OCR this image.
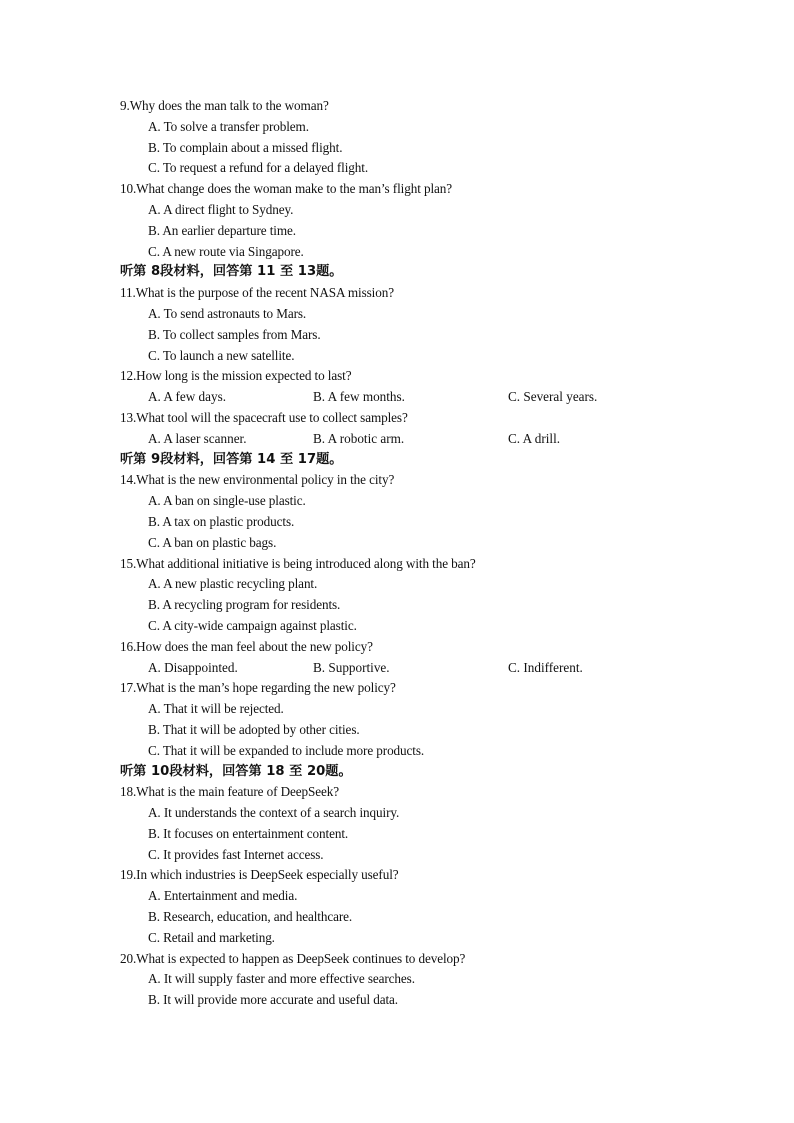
9.Why does the man talk to the woman?
A. To solve a transfer problem.
B. To complain about a missed flight.
C. To request a refund for a delayed flight.
10.What change does the woman make to the man’s flight plan?
A. A direct flight to Sydney.
B. An earlier departure time.
C. A new route via Singapore.
听第 8段材料，回答第 11 至 13题。
11.What is the purpose of the recent NASA mission?
A. To send astronauts to Mars.
B. To collect samples from Mars.
C. To launch a new satellite.
12.How long is the mission expected to last?
A. A few days.	B. A few months.	C. Several years.
13.What tool will the spacecraft use to collect samples?
A. A laser scanner.	B. A robotic arm.	C. A drill.
听第 9段材料，回答第 14 至 17题。
14.What is the new environmental policy in the city?
A. A ban on single-use plastic.
B. A tax on plastic products.
C. A ban on plastic bags.
15.What additional initiative is being introduced along with the ban?
A. A new plastic recycling plant.
B. A recycling program for residents.
C. A city-wide campaign against plastic.
16.How does the man feel about the new policy?
A. Disappointed.	B. Supportive.	C. Indifferent.
17.What is the man’s hope regarding the new policy?
A. That it will be rejected.
B. That it will be adopted by other cities.
C. That it will be expanded to include more products.
听第 10段材料，回答第 18 至 20题。
18.What is the main feature of DeepSeek?
A. It understands the context of a search inquiry.
B. It focuses on entertainment content.
C. It provides fast Internet access.
19.In which industries is DeepSeek especially useful?
A. Entertainment and media.
B. Research, education, and healthcare.
C. Retail and marketing.
20.What is expected to happen as DeepSeek continues to develop?
A. It will supply faster and more effective searches.
B. It will provide more accurate and useful data.
